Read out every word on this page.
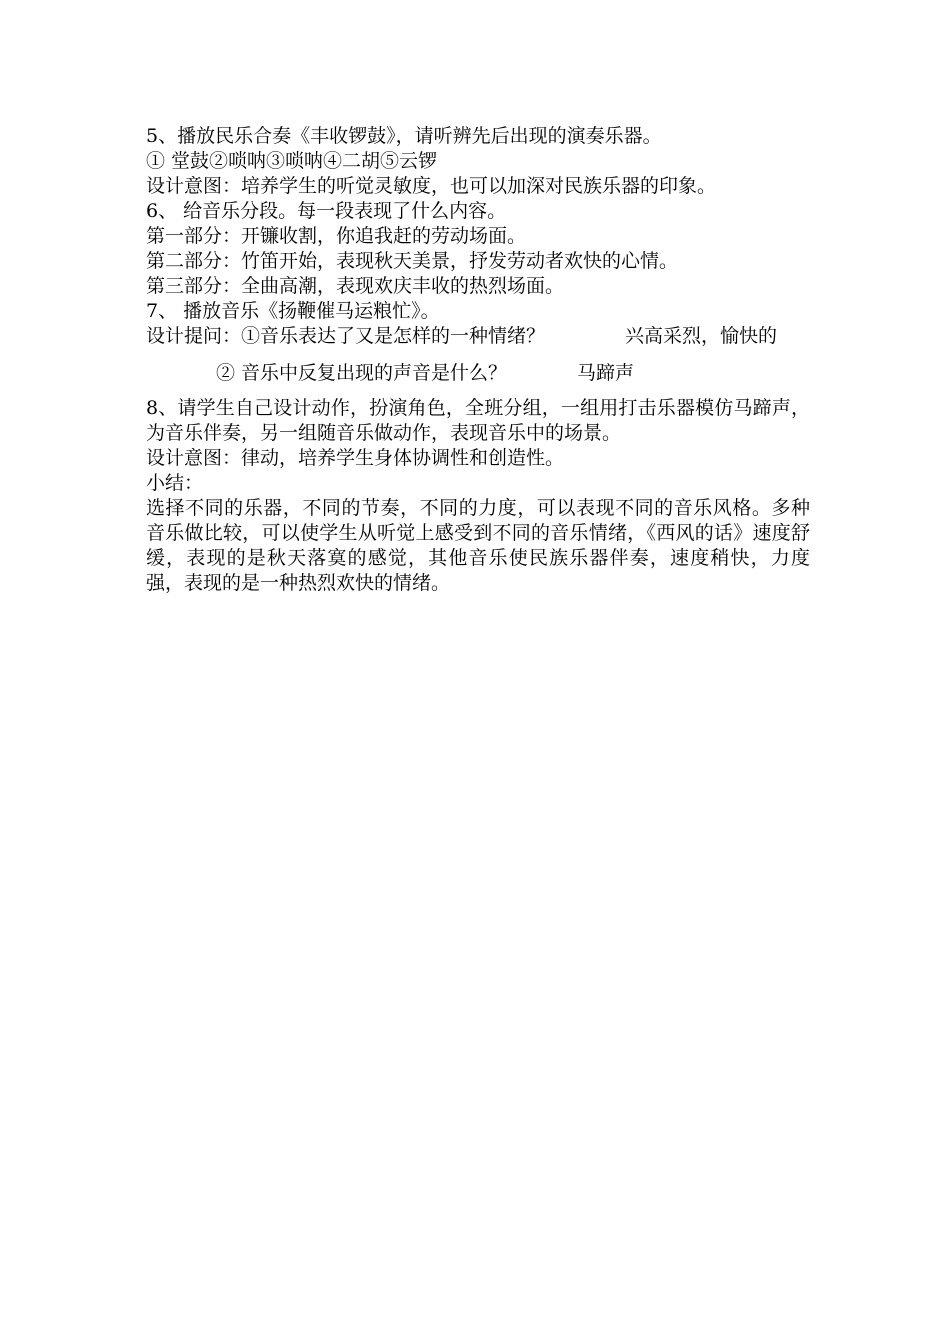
5、播放民乐合奏《丰收锣鼓》，请听辨先后出现的演奏乐器。
① 堂鼓②唢呐③唢呐④二胡⑤云锣
设计意图：培养学生的听觉灵敏度，也可以加深对民族乐器的印象。
6、 给音乐分段。每一段表现了什么内容。
第一部分：开镰收割，你追我赶的劳动场面。
第二部分：竹笛开始，表现秋天美景，抒发劳动者欢快的心情。
第三部分：全曲高潮，表现欢庆丰收的热烈场面。
7、 播放音乐《扬鞭催马运粮忙》。
设计提问：①音乐表达了又是怎样的一种情绪？	兴高采烈，愉快的
② 音乐中反复出现的声音是什么？	马蹄声
8、请学生自己设计动作，扮演角色，全班分组，一组用打击乐器模仿马蹄声，为音乐伴奏，另一组随音乐做动作，表现音乐中的场景。
设计意图：律动，培养学生身体协调性和创造性。
小结：
选择不同的乐器，不同的节奏，不同的力度，可以表现不同的音乐风格。多种音乐做比较，可以使学生从听觉上感受到不同的音乐情绪，《西风的话》速度舒缓，表现的是秋天落寞的感觉，其他音乐使民族乐器伴奏，速度稍快，力度强，表现的是一种热烈欢快的情绪。
